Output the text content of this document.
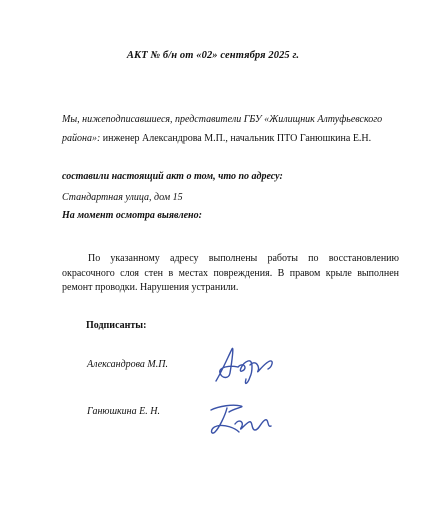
АКТ № б/н от «02» сентября 2025 г.
Мы, нижеподписавшиеся, представители ГБУ «Жилищник Алтуфьевского района»: инженер Александрова М.П., начальник ПТО Ганюшкина Е.Н.
составили настоящий акт о том, что по адресу:
Стандартная улица, дом 15
На момент осмотра выявлено:
По указанному адресу выполнены работы по восстановлению окрасочного слоя стен в местах повреждения. В правом крыле выполнен ремонт проводки. Нарушения устранили.
Подписанты:
Александрова М.П.
Ганюшкина Е. Н.
